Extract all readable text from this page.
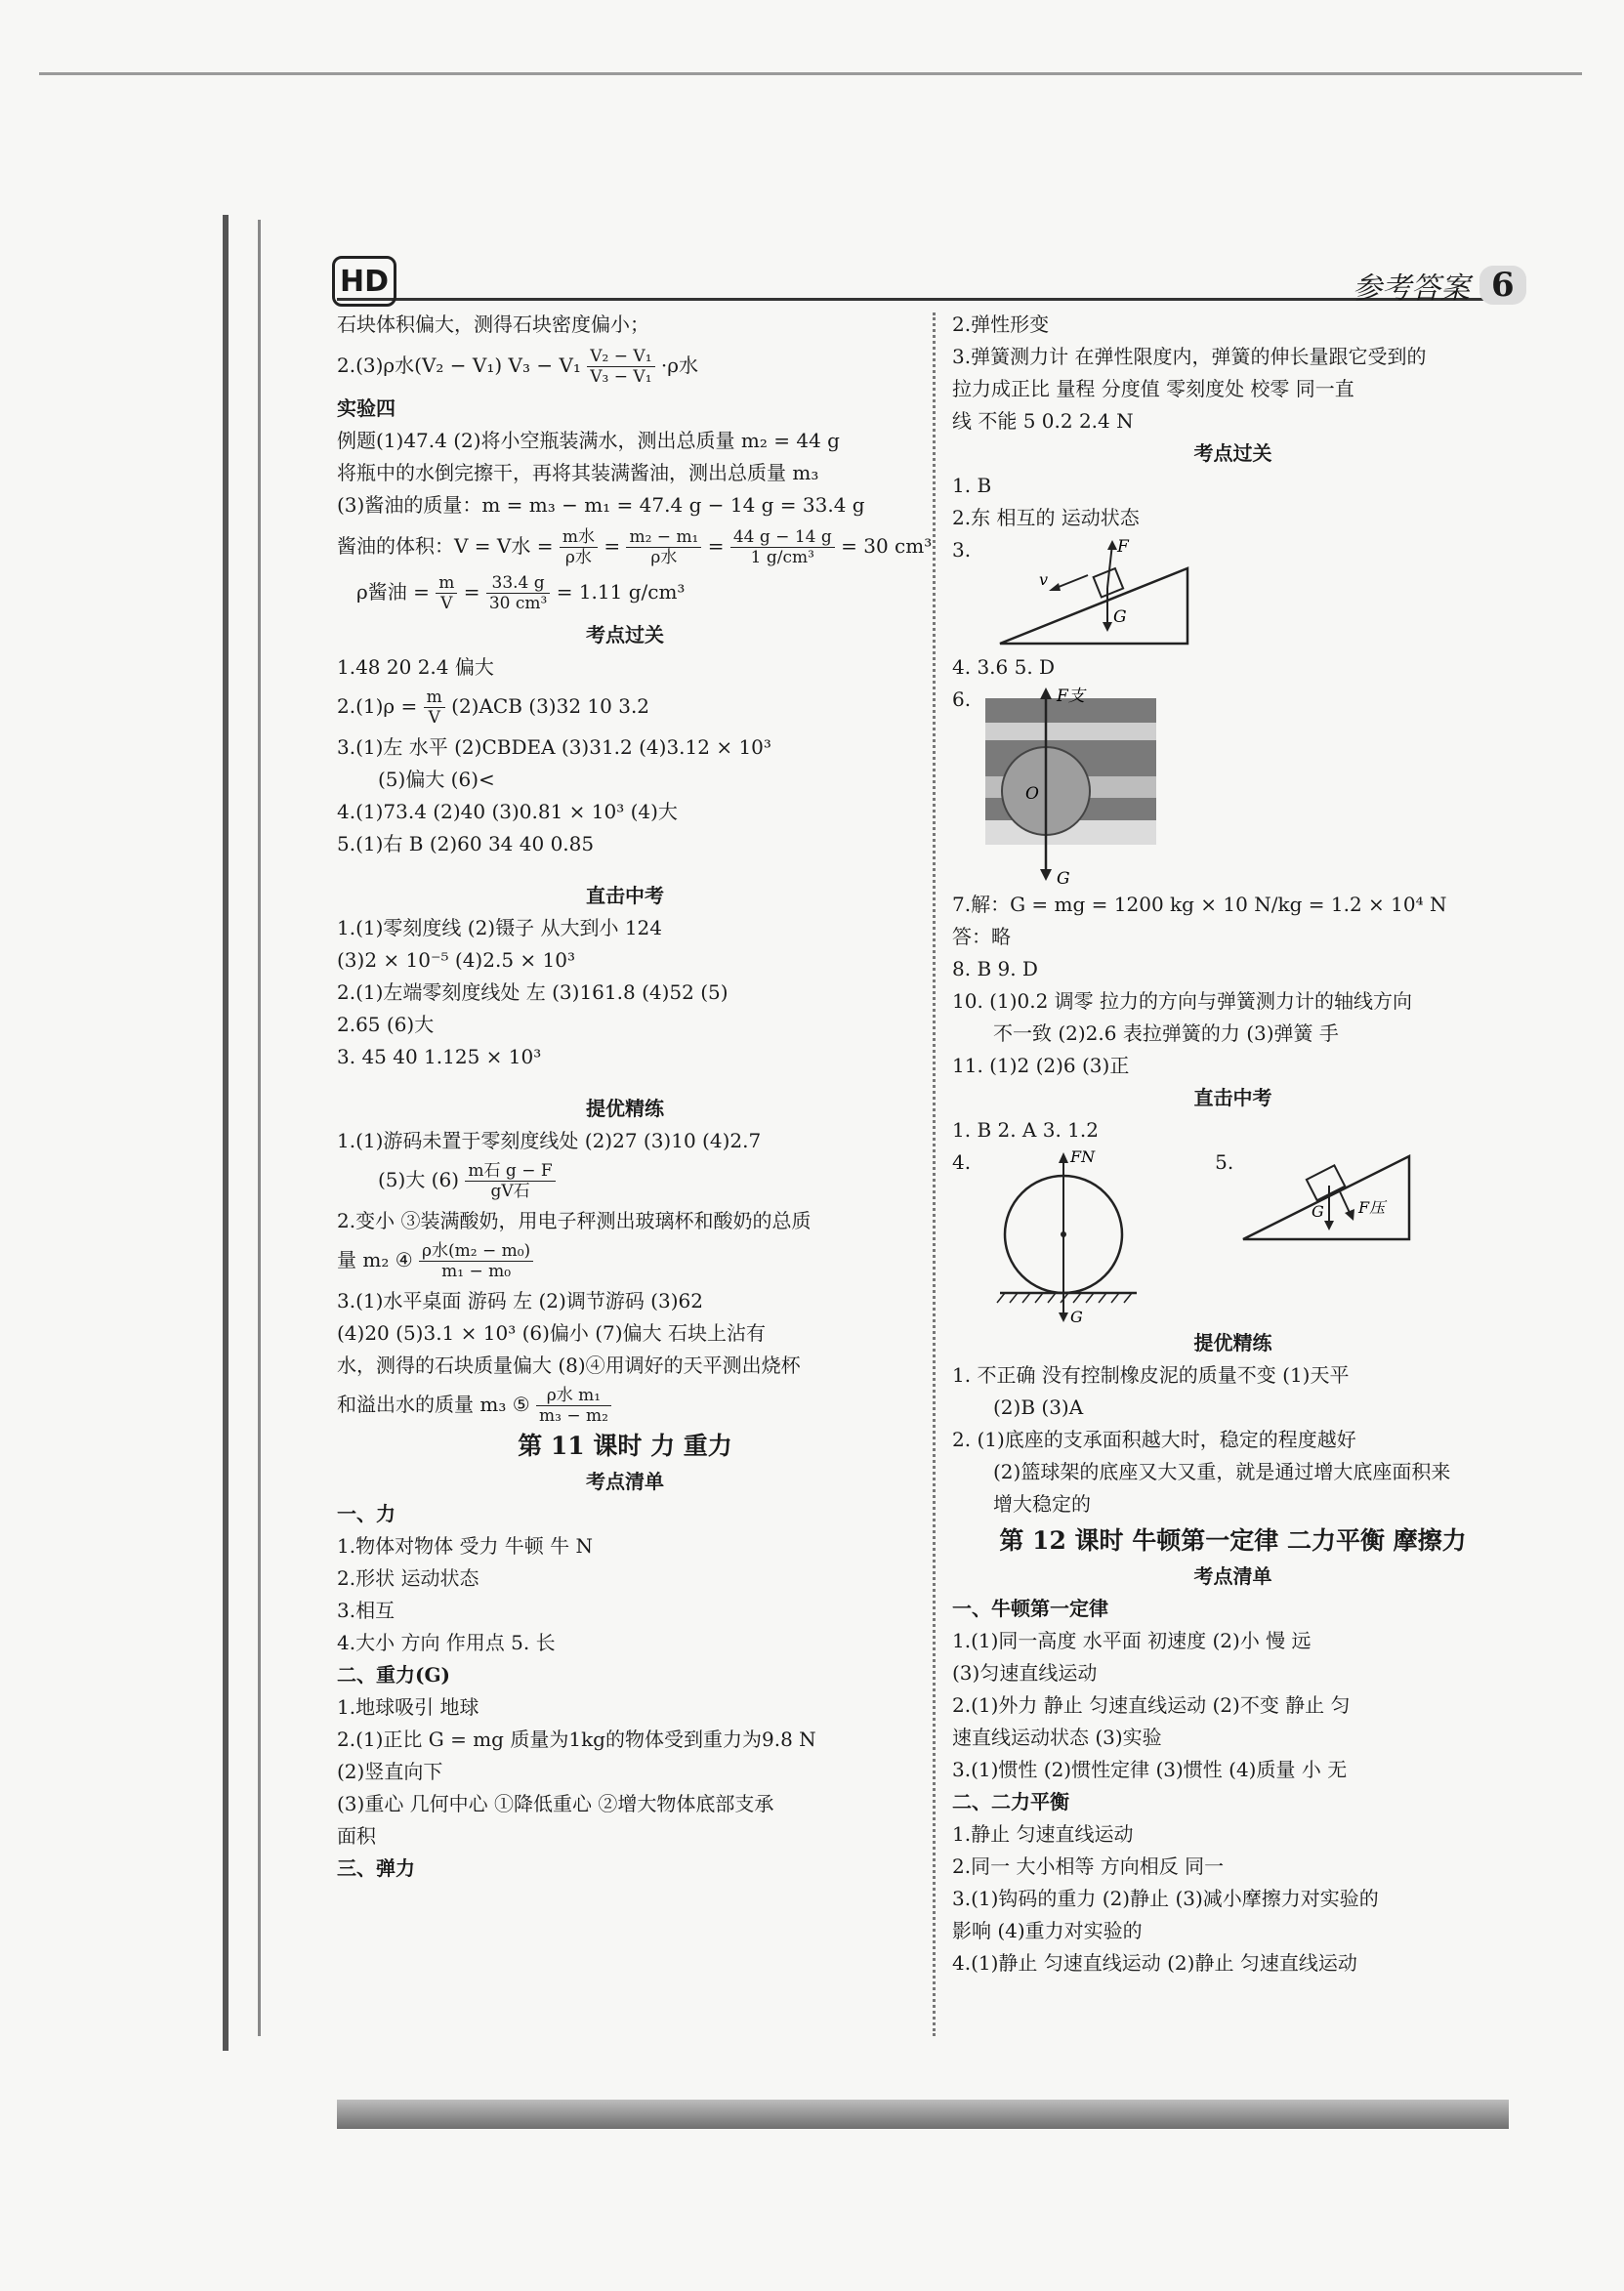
HD	参考答案 6
石块体积偏大，测得石块密度偏小；
2.(3)ρ水(V₂ − V₁) $V_3 - V_1 \frac{\text{V₂ − V₁}}{\text{V₃ − V₁}} \cdot\rho$水
实验四
例题(1)47.4 (2)将小空瓶装满水，测出总质量 m₂ = 44 g
将瓶中的水倒完擦干，再将其装满酱油，测出总质量 m₃
(3)酱油的质量：m = m₃ − m₁ = 47.4 g − 14 g = 33.4 g
酱油的体积：V = V水 = $\frac{\text{m水}}{\text{ρ水}} = \frac{\text{m₂ − m₁}}{\text{ρ水}} = \frac{44 g - 14 g}{\text{1 g/cm³}} = 30$ cm³
ρ酱油 = $\frac{m}{V} = \frac{33.4 g}{\text{30 cm³}} = 1.11$ g/cm³
考点过关
1.48 20 2.4 偏大
$2.(1)\rho = \frac{m}{V} (2)ACB$ (3)32 10 3.2
3.(1)左 水平 (2)CBDEA (3)31.2 (4)3.12 × 10³
(5)偏大 (6)<
4.(1)73.4 (2)40 (3)0.81 × 10³ (4)大
5.(1)右 B (2)60 34 40 0.85
直击中考
1.(1)零刻度线 (2)镊子 从大到小 124
(3)2 × 10⁻⁵ (4)2.5 × 10³
2.(1)左端零刻度线处 左 (3)161.8 (4)52 (5)
2.65 (6)大
3. 45 40 1.125 × 10³
提优精练
1.(1)游码未置于零刻度线处 (2)27 (3)10 (4)2.7
(5)大 $(6) \frac{\text{m石 g − F}}{\text{gV石}}$
2.变小 ③装满酸奶，用电子秤测出玻璃杯和酸奶的总质
量 m₂ ④ $\frac{\text{ρ水(m₂ − m₀)}}{\text{m₁ − m₀}}$
3.(1)水平桌面 游码 左 (2)调节游码 (3)62
(4)20 (5)3.1 × 10³ (6)偏小 (7)偏大 石块上沾有
水，测得的石块质量偏大 (8)④用调好的天平测出烧杯
和溢出水的质量 m₃ ⑤ $\frac{\text{ρ水 m₁}}{\text{m₃ − m₂}}$
第 11 课时 力 重力
考点清单
一、力
1.物体对物体 受力 牛顿 牛 N
2.形状 运动状态
3.相互
4.大小 方向 作用点 5. 长
二、重力(G)
1.地球吸引 地球
2.(1)正比 G = mg 质量为1kg的物体受到重力为9.8 N
(2)竖直向下
(3)重心 几何中心 ①降低重心 ②增大物体底部支承
面积
三、弹力
2.弹性形变
3.弹簧测力计 在弹性限度内，弹簧的伸长量跟它受到的
拉力成正比 量程 分度值 零刻度处 校零 同一直
线 不能 5 0.2 2.4 N
考点过关
1. B
2.东 相互的 运动状态
3.	F
G
v
4. 3.6 5. D
6.	F支
G
O
7.解：G = mg = 1200 kg × 10 N/kg = 1.2 × 10⁴ N
答：略
8. B 9. D
10. (1)0.2 调零 拉力的方向与弹簧测力计的轴线方向
不一致 (2)2.6 表拉弹簧的力 (3)弹簧 手
11. (1)2 (2)6 (3)正
直击中考
1. B 2. A 3. 1.2
4.	FN
G
5.
G F压
提优精练
1. 不正确 没有控制橡皮泥的质量不变 (1)天平
(2)B (3)A
2. (1)底座的支承面积越大时，稳定的程度越好
(2)篮球架的底座又大又重，就是通过增大底座面积来
增大稳定的
第 12 课时 牛顿第一定律 二力平衡 摩擦力
考点清单
一、牛顿第一定律
1.(1)同一高度 水平面 初速度 (2)小 慢 远
(3)匀速直线运动
2.(1)外力 静止 匀速直线运动 (2)不变 静止 匀
速直线运动状态 (3)实验
3.(1)惯性 (2)惯性定律 (3)惯性 (4)质量 小 无
二、二力平衡
1.静止 匀速直线运动
2.同一 大小相等 方向相反 同一
3.(1)钩码的重力 (2)静止 (3)减小摩擦力对实验的
影响 (4)重力对实验的
4.(1)静止 匀速直线运动 (2)静止 匀速直线运动
